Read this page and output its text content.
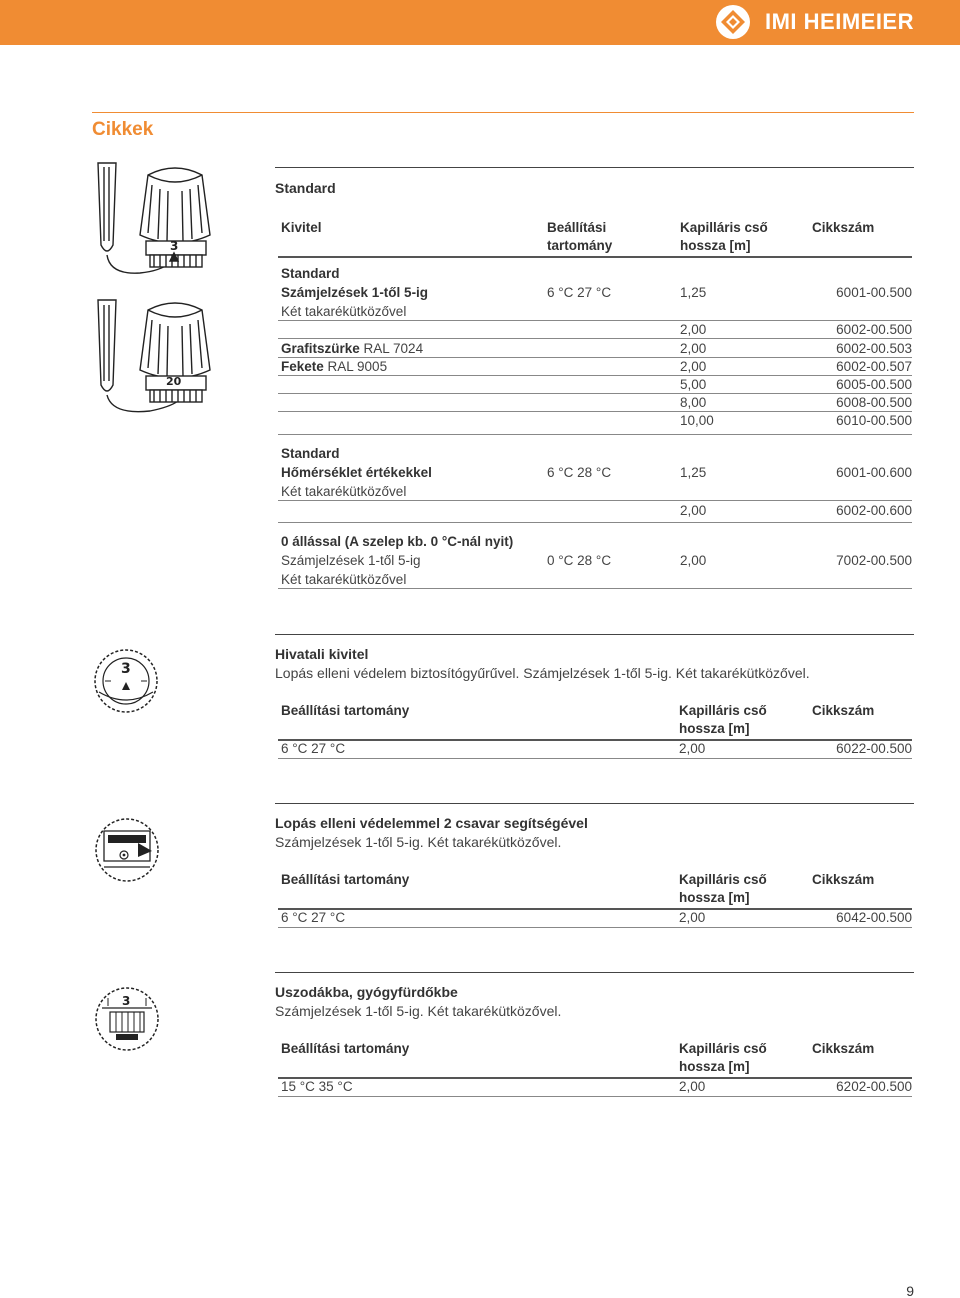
IMI HEIMEIER
Cikkek
3
20
Standard
Kivitel	Beállítási
tartomány
Kapilláris cső
hossza [m]
Cikkszám
Standard
Számjelzések 1-től 5-ig	6 °C 27 °C	1,25	6001-00.500
Két takarékütközővel
2,00	6002-00.500
Grafitszürke RAL 7024	2,00	6002-00.503
Fekete RAL 9005	2,00	6002-00.507
5,00	6005-00.500
8,00	6008-00.500
10,00	6010-00.500
Standard
Hőmérséklet értékekkel	6 °C 28 °C	1,25	6001-00.600
Két takarékütközővel
2,00	6002-00.600
0 állással (A szelep kb. 0 °C-nál nyit)
Számjelzések 1-től 5-ig	0 °C 28 °C	2,00	7002-00.500
Két takarékütközővel
3
Hivatali kivitel
Lopás elleni védelem biztosítógyűrűvel. Számjelzések 1-től 5-ig. Két takarékütközővel.
Beállítási tartomány	Kapilláris cső
hossza [m]
Cikkszám
6 °C 27 °C	2,00	6022-00.500
Lopás elleni védelemmel 2 csavar segítségével
Számjelzések 1-től 5-ig. Két takarékütközővel.
Beállítási tartomány	Kapilláris cső
hossza [m]
Cikkszám
6 °C 27 °C	2,00	6042-00.500
3
Uszodákba, gyógyfürdőkbe
Számjelzések 1-től 5-ig. Két takarékütközővel.
Beállítási tartomány	Kapilláris cső
hossza [m]
Cikkszám
15 °C 35 °C	2,00	6202-00.500
9
